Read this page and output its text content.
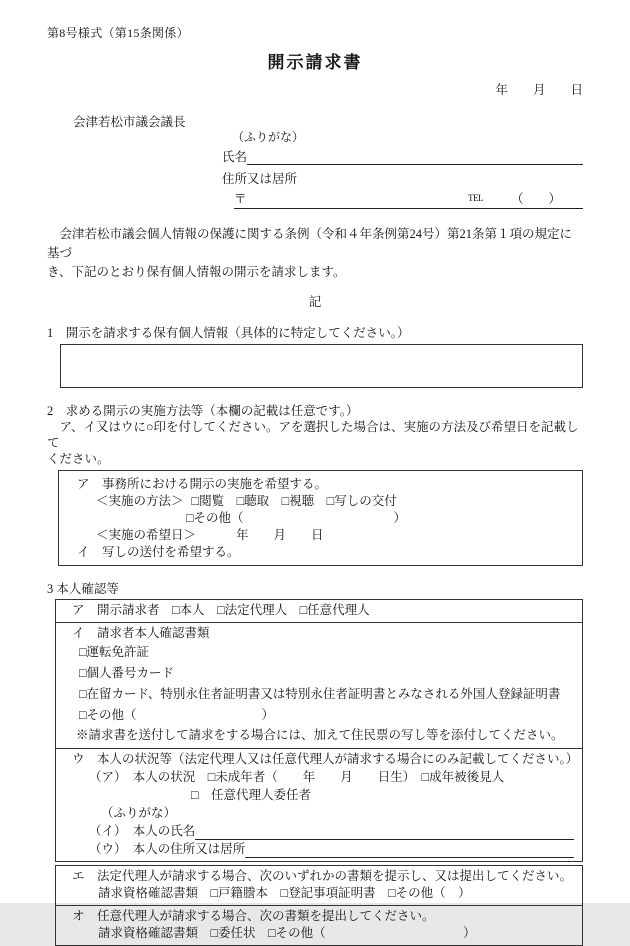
第8号様式（第15条関係）
開示請求書
年　　月　　日
会津若松市議会議長
（ふりがな）
氏名
住所又は居所
〒	TEL （　　）
　会津若松市議会個人情報の保護に関する条例（令和４年条例第24号）第21条第１項の規定に基づ
き、下記のとおり保有個人情報の開示を請求します。
記
1　開示を請求する保有個人情報（具体的に特定してください。）
2　求める開示の実施方法等（本欄の記載は任意です。）
　ア、イ又はウに○印を付してください。アを選択した場合は、実施の方法及び希望日を記載して
ください。
ア　事務所における開示の実施を希望する。
＜実施の方法＞ □閲覧　□聴取　□視聴　□写しの交付
□その他（　　　　　　　　　　　　）
＜実施の希望日＞	年　　月　　日
イ　写しの送付を希望する。
3 本人確認等
ア　開示請求者　□本人　□法定代理人　□任意代理人
イ　請求者本人確認書類
□運転免許証
□個人番号カード
□在留カード、特別永住者証明書又は特別永住者証明書とみなされる外国人登録証明書
□その他（　　　　　　　　　　）
※請求書を送付して請求をする場合には、加えて住民票の写し等を添付してください。
ウ　本人の状況等（法定代理人又は任意代理人が請求する場合にのみ記載してください。）
（ア）　本人の状況　□未成年者（　　年　　月　　日生）　□成年被後見人
□　任意代理人委任者
（ふりがな）
（イ）　本人の氏名
（ウ）　本人の住所又は居所
エ　法定代理人が請求する場合、次のいずれかの書類を提示し、又は提出してください。
請求資格確認書類　□戸籍謄本　□登記事項証明書　□その他（　）
オ　任意代理人が請求する場合、次の書類を提出してください。
請求資格確認書類　□委任状　□その他（　　　　　　　　　　　）
